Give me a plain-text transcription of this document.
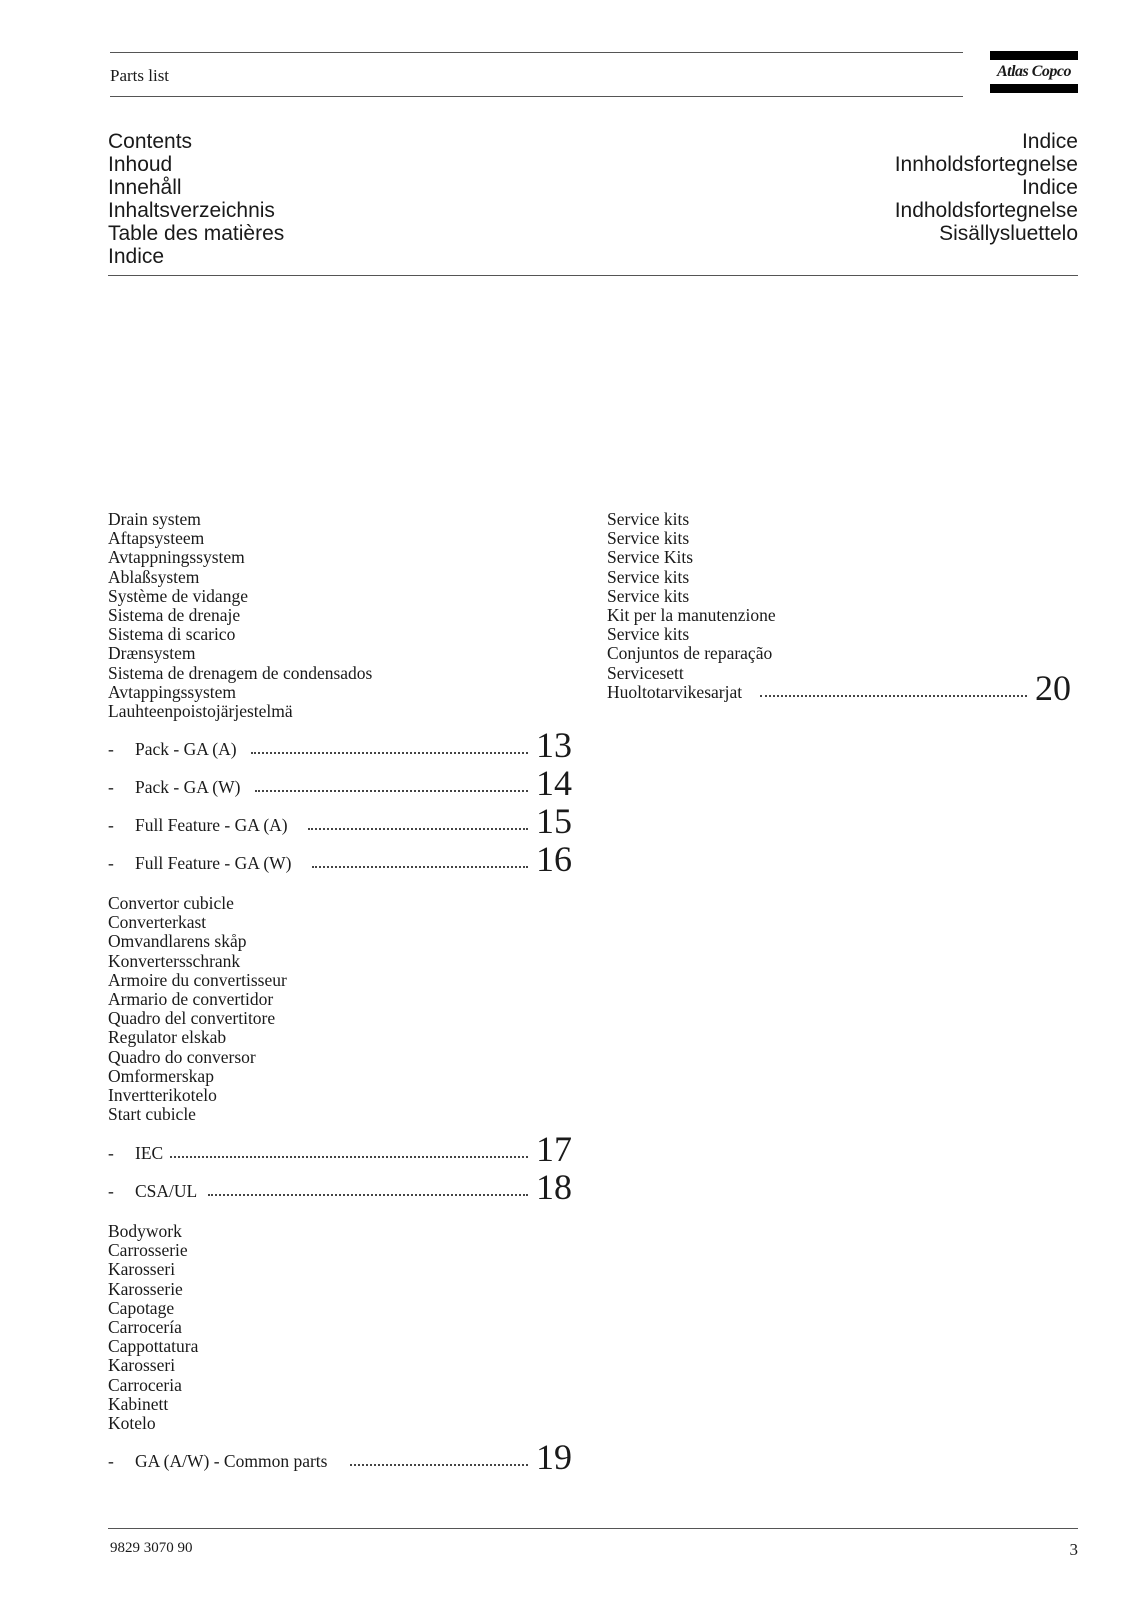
Parts list	Atlas Copco
Contents
Inhoud
Innehåll
Inhaltsverzeichnis
Table des matières
Indice
Indice
Innholdsfortegnelse
Indice
Indholdsfortegnelse
Sisällysluettelo
Drain system
Aftapsysteem
Avtappningssystem
Ablaßsystem
Système de vidange
Sistema de drenaje
Sistema di scarico
Drænsystem
Sistema de drenagem de condensados
Avtappingssystem
Lauhteenpoistojärjestelmä
- Pack - GA (A)	13
- Pack - GA (W)	14
- Full Feature - GA (A)	15
- Full Feature - GA (W)	16
Convertor cubicle
Converterkast
Omvandlarens skåp
Konvertersschrank
Armoire du convertisseur
Armario de convertidor
Quadro del convertitore
Regulator elskab
Quadro do conversor
Omformerskap
Invertterikotelo
Start cubicle
- IEC	17
- CSA/UL	18
Bodywork
Carrosserie
Karosseri
Karosserie
Capotage
Carrocería
Cappottatura
Karosseri
Carroceria
Kabinett
Kotelo
- GA (A/W) - Common parts	19
Service kits
Service kits
Service Kits
Service kits
Service kits
Kit per la manutenzione
Service kits
Conjuntos de reparação
Servicesett
Huoltotarvikesarjat	20
9829 3070 90	3
